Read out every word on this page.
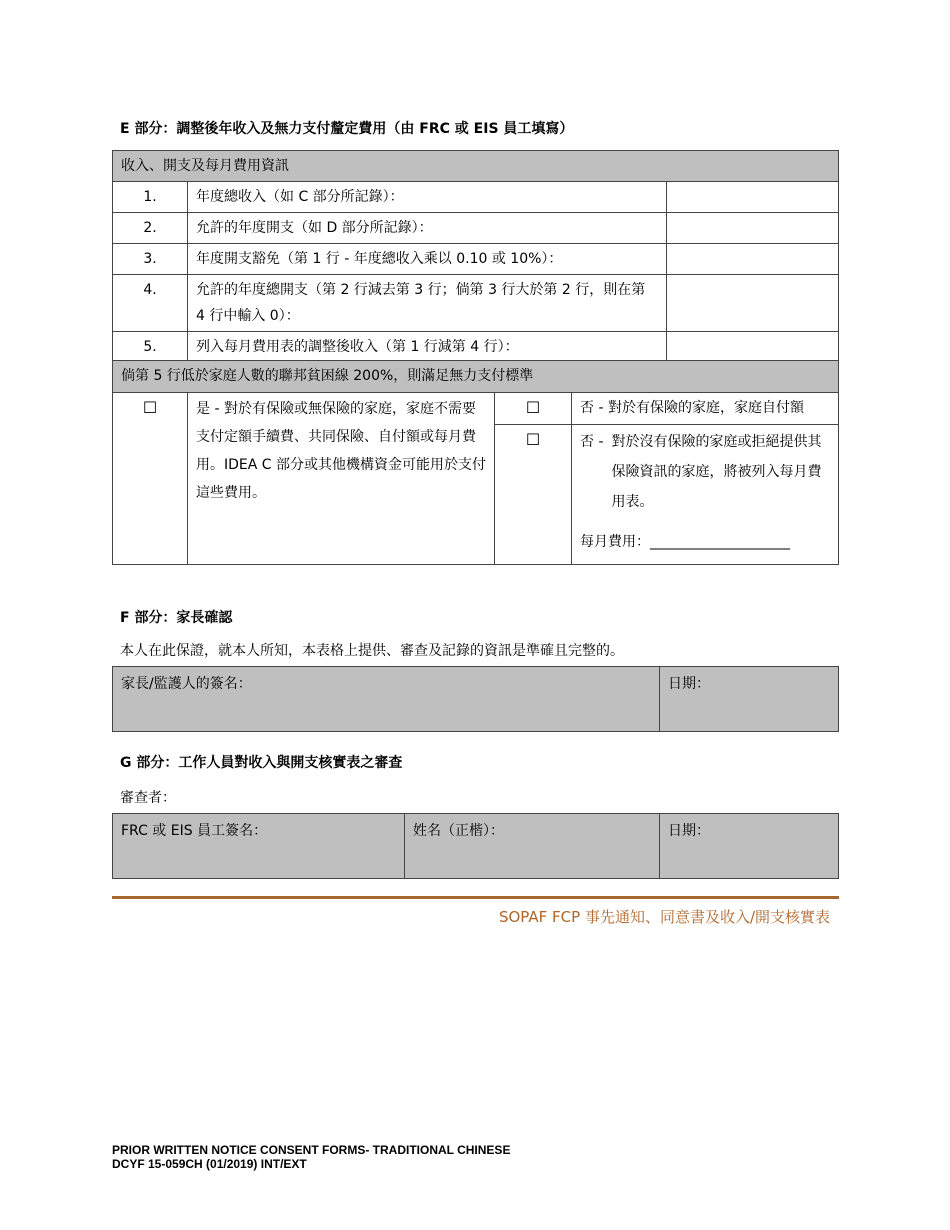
E 部分：調整後年收入及無力支付釐定費用（由 FRC 或 EIS 員工填寫）
收入、開支及每月費用資訊		
1.	年度總收入（如 C 部分所記錄）：	
2.	允許的年度開支（如 D 部分所記錄）：	
3.	年度開支豁免（第 1 行 - 年度總收入乘以 0.10 或 10%）：	
4.	允許的年度總開支（第 2 行減去第 3 行；倘第 3 行大於第 2 行，則在第 4 行中輸入 0）：	
5.	列入每月費用表的調整後收入（第 1 行減第 4 行）：	
倘第 5 行低於家庭人數的聯邦貧困線 200%，則滿足無力支付標準			
☐	是 - 對於有保險或無保險的家庭，家庭不需要支付定額手續費、共同保險、自付額或每月費用。IDEA C 部分或其他機構資金可能用於支付這些費用。	☐	否 - 對於有保險的家庭，家庭自付額
		☐	否 - 對於沒有保險的家庭或拒絕提供其保險資訊的家庭，將被列入每月費用表。
每月費用：____________________
F 部分：家長確認
本人在此保證，就本人所知，本表格上提供、審查及記錄的資訊是準確且完整的。
家長/監護人的簽名：	日期：
G 部分：工作人員對收入與開支核實表之審查
審查者：
FRC 或 EIS 員工簽名：	姓名（正楷）：	日期：
SOPAF FCP 事先通知、同意書及收入/開支核實表
PRIOR WRITTEN NOTICE CONSENT FORMS- TRADITIONAL CHINESE
DCYF 15-059CH (01/2019) INT/EXT
